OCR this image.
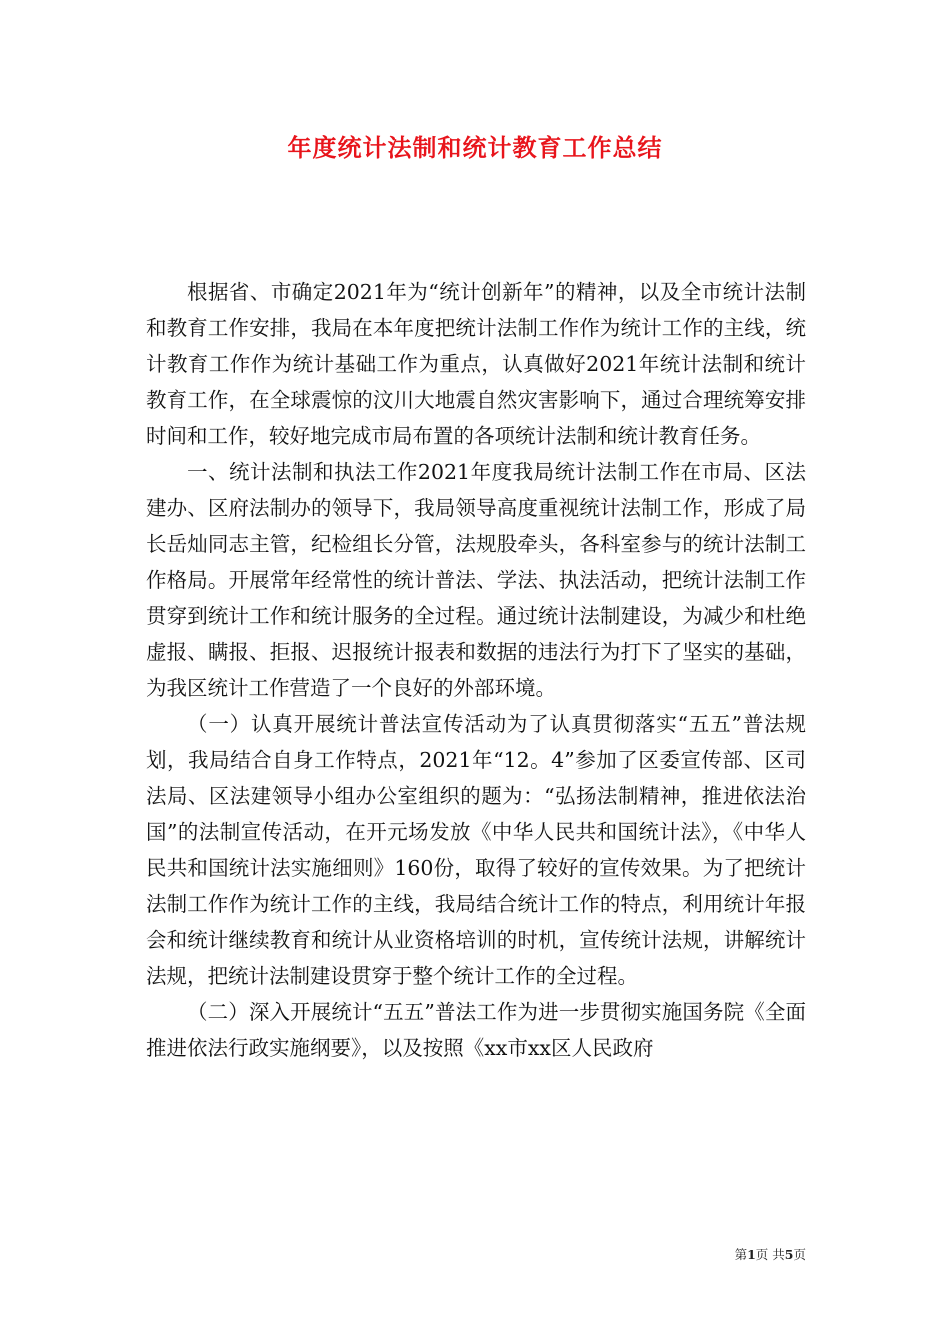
年度统计法制和统计教育工作总结

根据省、市确定2021年为“统计创新年”的精神，以及全市统计法制和教育工作安排，我局在本年度把统计法制工作作为统计工作的主线，统计教育工作作为统计基础工作为重点，认真做好2021年统计法制和统计教育工作，在全球震惊的汶川大地震自然灾害影响下，通过合理统筹安排时间和工作，较好地完成市局布置的各项统计法制和统计教育任务。

一、统计法制和执法工作2021年度我局统计法制工作在市局、区法建办、区府法制办的领导下，我局领导高度重视统计法制工作，形成了局长岳灿同志主管，纪检组长分管，法规股牵头，各科室参与的统计法制工作格局。开展常年经常性的统计普法、学法、执法活动，把统计法制工作贯穿到统计工作和统计服务的全过程。通过统计法制建设，为减少和杜绝虚报、瞒报、拒报、迟报统计报表和数据的违法行为打下了坚实的基础，为我区统计工作营造了一个良好的外部环境。

（一）认真开展统计普法宣传活动为了认真贯彻落实“五五”普法规划，我局结合自身工作特点，2021年“12。4”参加了区委宣传部、区司法局、区法建领导小组办公室组织的题为：“弘扬法制精神，推进依法治国”的法制宣传活动，在开元场发放《中华人民共和国统计法》，《中华人民共和国统计法实施细则》160份，取得了较好的宣传效果。为了把统计法制工作作为统计工作的主线，我局结合统计工作的特点，利用统计年报会和统计继续教育和统计从业资格培训的时机，宣传统计法规，讲解统计法规，把统计法制建设贯穿于整个统计工作的全过程。

（二）深入开展统计“五五”普法工作为进一步贯彻实施国务院《全面推进依法行政实施纲要》，以及按照《xx市xx区人民政府

第1页 共5页
